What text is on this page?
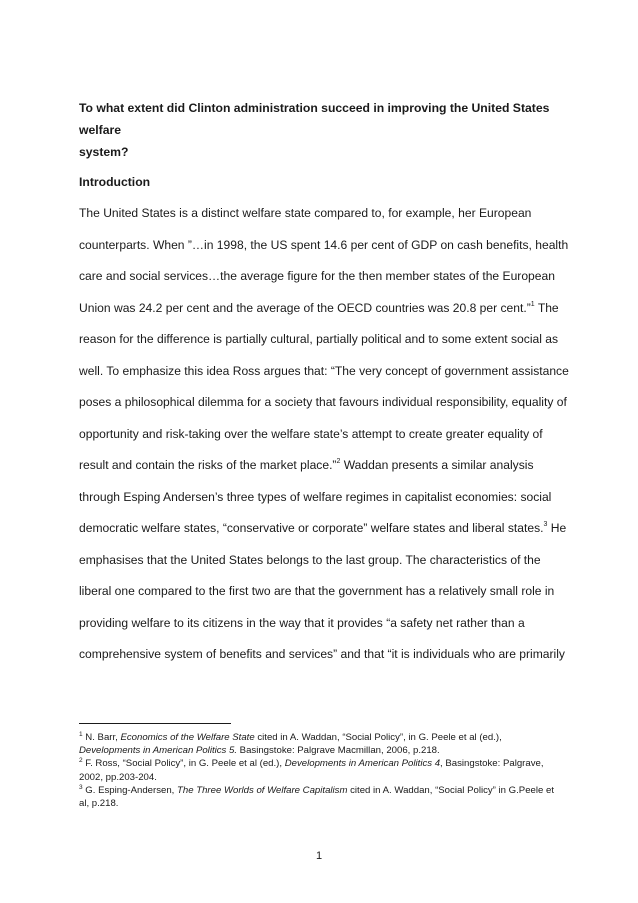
To what extent did Clinton administration succeed in improving the United States welfare
system?
Introduction
The United States is a distinct welfare state compared to, for example, her European
counterparts. When ”…in 1998, the US spent 14.6 per cent of GDP on cash benefits, health
care and social services…the average figure for the then member states of the European
Union was 24.2 per cent and the average of the OECD countries was 20.8 per cent.”$^1$ The
reason for the difference is partially cultural, partially political and to some extent social as
well. To emphasize this idea Ross argues that: “The very concept of government assistance
poses a philosophical dilemma for a society that favours individual responsibility, equality of
opportunity and risk-taking over the welfare state’s attempt to create greater equality of
result and contain the risks of the market place.”$^2$ Waddan presents a similar analysis
through Esping Andersen’s three types of welfare regimes in capitalist economies: social
democratic welfare states, “conservative or corporate” welfare states and liberal states.$^3$ He
emphasises that the United States belongs to the last group. The characteristics of the
liberal one compared to the first two are that the government has a relatively small role in
providing welfare to its citizens in the way that it provides “a safety net rather than a
comprehensive system of benefits and services” and that “it is individuals who are primarily
$^1$ N. Barr, Economics of the Welfare State cited in A. Waddan, “Social Policy”, in G. Peele et al (ed.),
Developments in American Politics 5. Basingstoke: Palgrave Macmillan, 2006, p.218.
$^2$ F. Ross, “Social Policy”, in G. Peele et al (ed.), Developments in American Politics 4, Basingstoke: Palgrave,
2002, pp.203-204.
$^3$ G. Esping-Andersen, The Three Worlds of Welfare Capitalism cited in A. Waddan, “Social Policy” in G.Peele et
al, p.218.
1
